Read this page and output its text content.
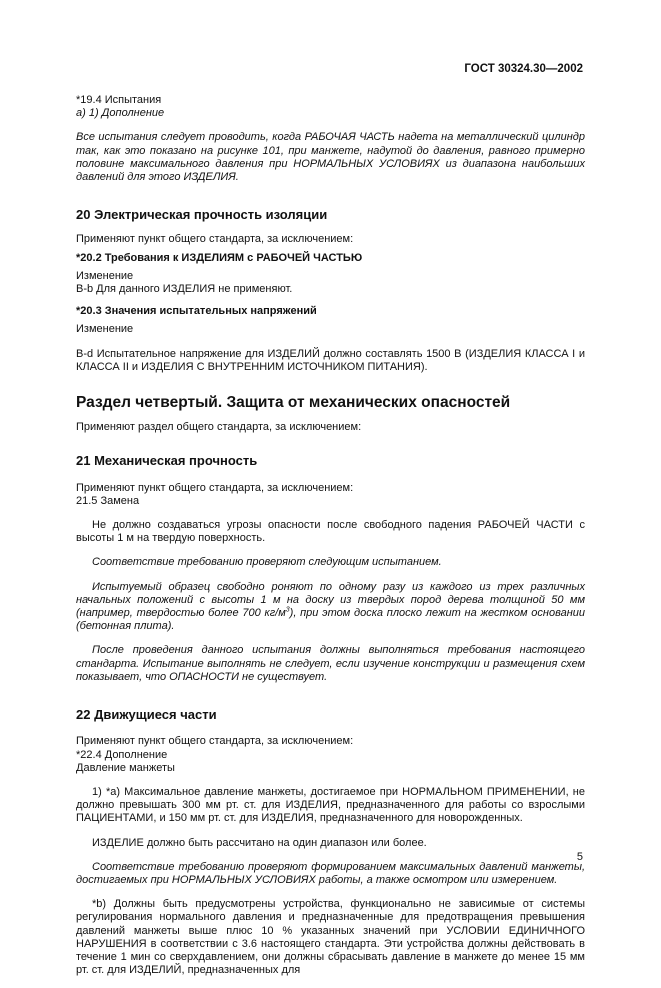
ГОСТ 30324.30—2002

*19.4 Испытания

а) 1) Дополнение

Все испытания следует проводить, когда РАБОЧАЯ ЧАСТЬ надета на металлический цилиндр так, как это показано на рисунке 101, при манжете, надутой до давления, равного примерно половине максимального давления при НОРМАЛЬНЫХ УСЛОВИЯХ из диапазона наибольших давлений для этого ИЗДЕЛИЯ.

20 Электрическая прочность изоляции

Применяют пункт общего стандарта, за исключением:

*20.2 Требования к ИЗДЕЛИЯМ с РАБОЧЕЙ ЧАСТЬЮ

Изменение

B-b Для данного ИЗДЕЛИЯ не применяют.

*20.3 Значения испытательных напряжений

Изменение

B-d Испытательное напряжение для ИЗДЕЛИЙ должно составлять 1500 В (ИЗДЕЛИЯ КЛАССА I и КЛАССА II и ИЗДЕЛИЯ С ВНУТРЕННИМ ИСТОЧНИКОМ ПИТАНИЯ).

Раздел четвертый. Защита от механических опасностей

Применяют раздел общего стандарта, за исключением:

21 Механическая прочность

Применяют пункт общего стандарта, за исключением:

21.5 Замена

Не должно создаваться угрозы опасности после свободного падения РАБОЧЕЙ ЧАСТИ с высоты 1 м на твердую поверхность.

Соответствие требованию проверяют следующим испытанием.

Испытуемый образец свободно роняют по одному разу из каждого из трех различных начальных положений с высоты 1 м на доску из твердых пород дерева толщиной 50 мм (например, твердостью более 700 $кг/м^3$), при этом доска плоско лежит на жестком основании (бетонная плита).

После проведения данного испытания должны выполняться требования настоящего стандарта. Испытание выполнять не следует, если изучение конструкции и размещения схем показывает, что ОПАСНОСТИ не существует.

22 Движущиеся части

Применяют пункт общего стандарта, за исключением:

*22.4 Дополнение

Давление манжеты

1) *а) Максимальное давление манжеты, достигаемое при НОРМАЛЬНОМ ПРИМЕНЕНИИ, не должно превышать 300 мм рт. ст. для ИЗДЕЛИЯ, предназначенного для работы со взрослыми ПАЦИЕНТАМИ, и 150 мм рт. ст. для ИЗДЕЛИЯ, предназначенного для новорожденных.

ИЗДЕЛИЕ должно быть рассчитано на один диапазон или более.

Соответствие требованию проверяют формированием максимальных давлений манжеты, достигаемых при НОРМАЛЬНЫХ УСЛОВИЯХ работы, а также осмотром или измерением.

*b) Должны быть предусмотрены устройства, функционально не зависимые от системы регулирования нормального давления и предназначенные для предотвращения превышения давлений манжеты выше плюс 10 % указанных значений при УСЛОВИИ ЕДИНИЧНОГО НАРУШЕНИЯ в соответствии с 3.6 настоящего стандарта. Эти устройства должны действовать в течение 1 мин со сверхдавлением, они должны сбрасывать давление в манжете до менее 15 мм рт. ст. для ИЗДЕЛИЙ, предназначенных для

5
